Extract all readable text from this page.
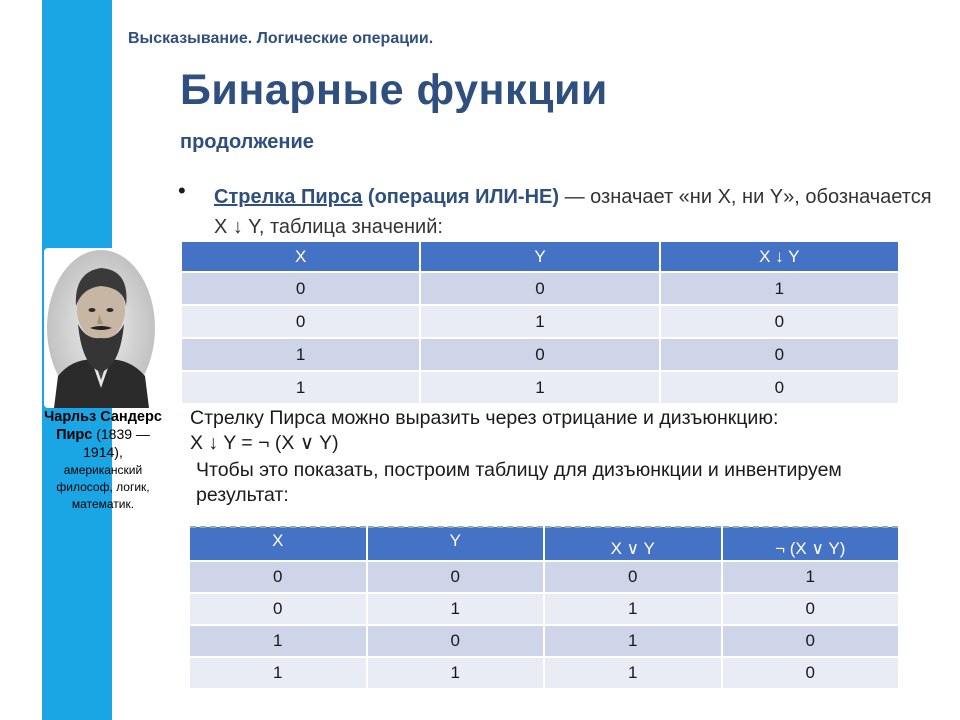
Чарльз Сандерс Пирс (1839 — 1914),
американский философ, логик, математик.
Высказывание. Логические операции.
Бинарные функции
продолжение
• Стрелка Пирса (операция ИЛИ-НЕ) — означает «ни X, ни Y», обозначается X ↓ Y, таблица значений:
X	Y	X ↓ Y
0	0	1
0	1	0
1	0	0
1	1	0
Стрелку Пирса можно выразить через отрицание и дизъюнкцию:
X ↓ Y = ¬ (X ∨ Y)
Чтобы это показать, построим таблицу для дизъюнкции и инвентируем результат:
X	Y	X ∨ Y	¬ (X ∨ Y)
0	0	0	1
0	1	1	0
1	0	1	0
1	1	1	0
